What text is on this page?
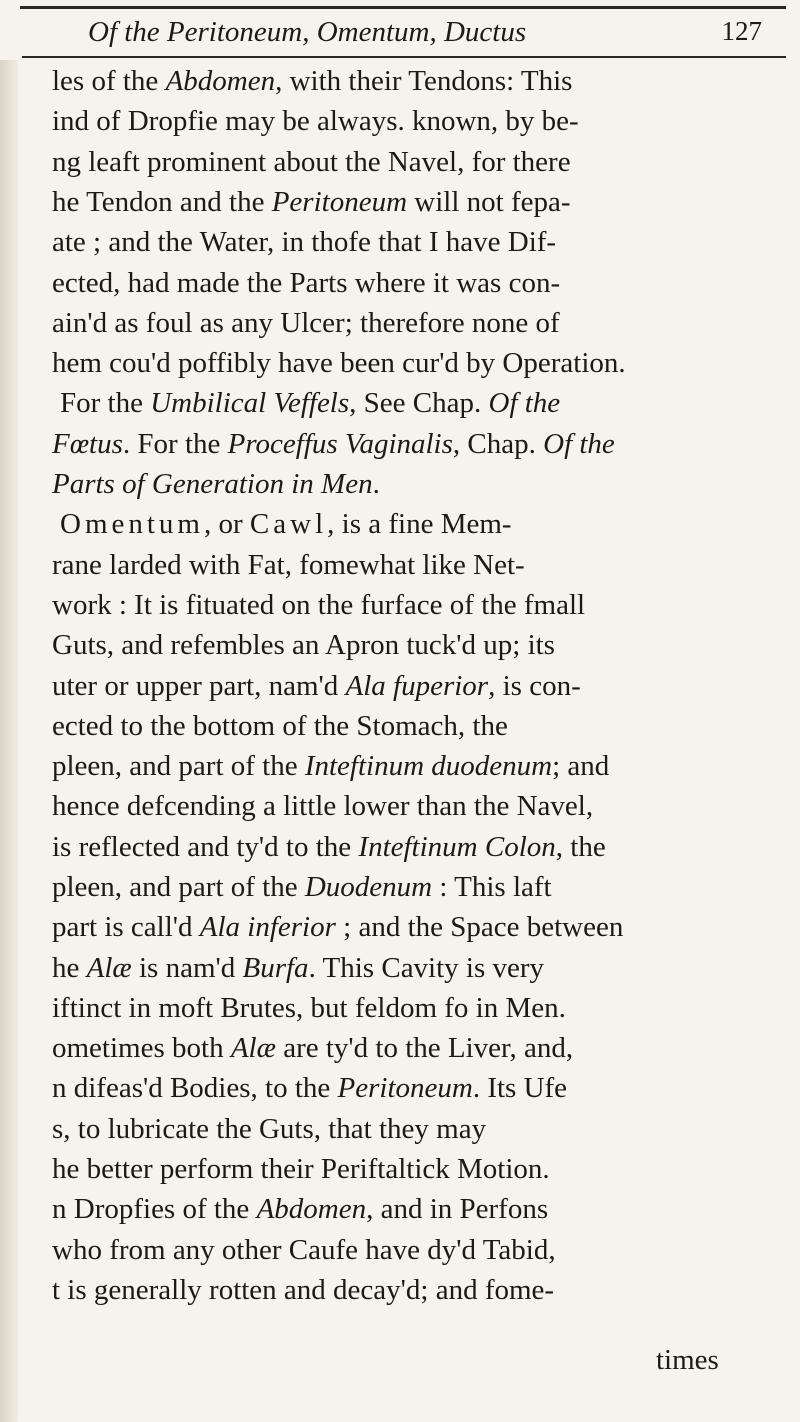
Of the Peritoneum, Omentum, Ductus	127
les of the Abdomen, with their Tendons: This
ind of Dropfie may be always. known, by be-
ng leaft prominent about the Navel, for there
he Tendon and the Peritoneum will not fepa-
ate ; and the Water, in thofe that I have Dif-
ected, had made the Parts where it was con-
ain'd as foul as any Ulcer; therefore none of
hem cou'd poffibly have been cur'd by Operation.
For the Umbilical Veffels, See Chap. Of the
Fœtus. For the Proceffus Vaginalis, Chap. Of the
Parts of Generation in Men.
Omentum, or Cawl, is a fine Mem-
rane larded with Fat, fomewhat like Net-
work : It is fituated on the furface of the fmall
Guts, and refembles an Apron tuck'd up; its
uter or upper part, nam'd Ala fuperior, is con-
ected to the bottom of the Stomach, the
pleen, and part of the Inteftinum duodenum; and
hence defcending a little lower than the Navel,
is reflected and ty'd to the Inteftinum Colon, the
pleen, and part of the Duodenum : This laft
part is call'd Ala inferior ; and the Space between
he Alæ is nam'd Burfa. This Cavity is very
iftinct in moft Brutes, but feldom fo in Men.
ometimes both Alæ are ty'd to the Liver, and,
n difeas'd Bodies, to the Peritoneum. Its Ufe
s, to lubricate the Guts, that they may
he better perform their Periftaltick Motion.
n Dropfies of the Abdomen, and in Perfons
who from any other Caufe have dy'd Tabid,
t is generally rotten and decay'd; and fome-
times
